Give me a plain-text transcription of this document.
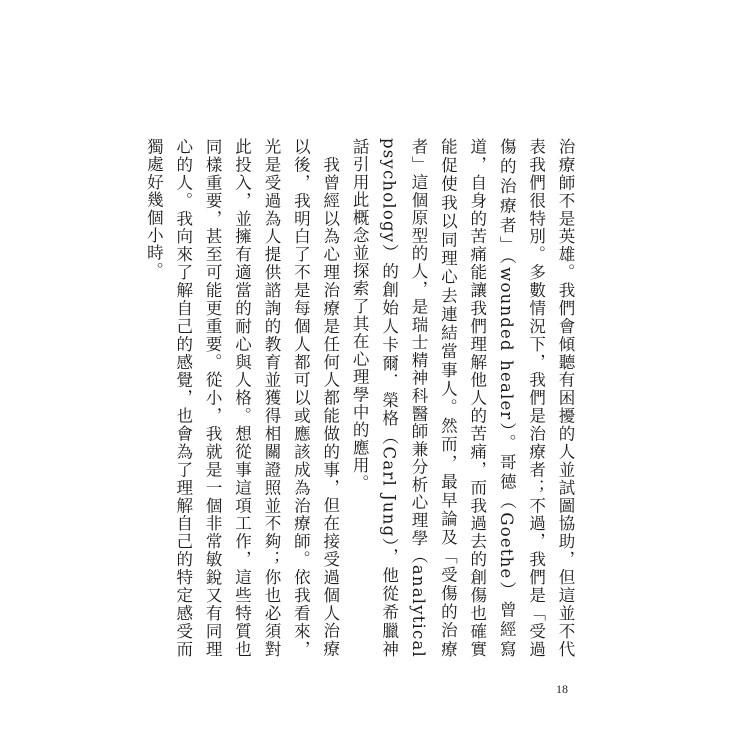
治療師不是英雄。我們會傾聽有困擾的人並試圖協助，但這並不代表我們很特別。多數情況下，我們是治療者；不過，我們是「受過傷的治療者」（wounded healer）。哥德（Goethe）曾經寫道，自身的苦痛能讓我們理解他人的苦痛，而我過去的創傷也確實能促使我以同理心去連結當事人。然而，最早論及「受傷的治療者」這個原型的人，是瑞士精神科醫師兼分析心理學（analytical psychology）的創始人卡爾．榮格（Carl Jung），他從希臘神話引用此概念並探索了其在心理學中的應用。

我曾經以為心理治療是任何人都能做的事，但在接受過個人治療以後，我明白了不是每個人都可以或應該成為治療師。依我看來，光是受過為人提供諮詢的教育並獲得相關證照並不夠；你也必須對此投入，並擁有適當的耐心與人格。想從事這項工作，這些特質也同樣重要，甚至可能更重要。從小，我就是一個非常敏銳又有同理心的人。我向來了解自己的感覺，也會為了理解自己的特定感受而獨處好幾個小時。

18
